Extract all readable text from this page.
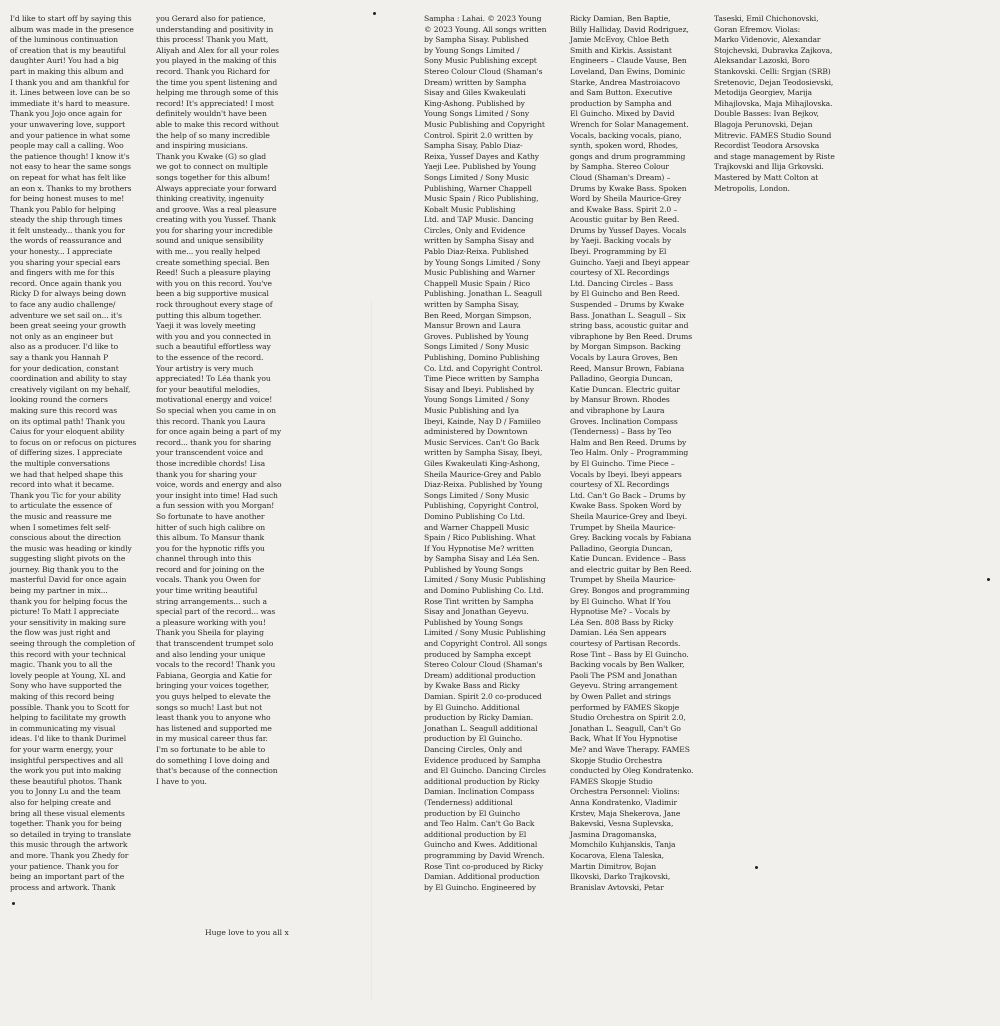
I'd like to start off by saying this
album was made in the presence
of the luminous continuation
of creation that is my beautiful
daughter Auri! You had a big
part in making this album and
I thank you and am thankful for
it. Lines between love can be so
immediate it's hard to measure.
Thank you Jojo once again for
your unwavering love, support
and your patience in what some
people may call a calling. Woo
the patience though! I know it's
not easy to hear the same songs
on repeat for what has felt like
an eon x. Thanks to my brothers
for being honest muses to me!
Thank you Pablo for helping
steady the ship through times
it felt unsteady... thank you for
the words of reassurance and
your honesty... I appreciate
you sharing your special ears
and fingers with me for this
record. Once again thank you
Ricky D for always being down
to face any audio challenge/
adventure we set sail on... it's
been great seeing your growth
not only as an engineer but
also as a producer. I'd like to
say a thank you Hannah P
for your dedication, constant
coordination and ability to stay
creatively vigilant on my behalf,
looking round the corners
making sure this record was
on its optimal path! Thank you
Caius for your eloquent ability
to focus on or refocus on pictures
of differing sizes. I appreciate
the multiple conversations
we had that helped shape this
record into what it became.
Thank you Tic for your ability
to articulate the essence of
the music and reassure me
when I sometimes felt self-
conscious about the direction
the music was heading or kindly
suggesting slight pivots on the
journey. Big thank you to the
masterful David for once again
being my partner in mix...
thank you for helping focus the
picture! To Matt I appreciate
your sensitivity in making sure
the flow was just right and
seeing through the completion of
this record with your technical
magic. Thank you to all the
lovely people at Young, XL and
Sony who have supported the
making of this record being
possible. Thank you to Scott for
helping to facilitate my growth
in communicating my visual
ideas. I'd like to thank Durimel
for your warm energy, your
insightful perspectives and all
the work you put into making
these beautiful photos. Thank
you to Jonny Lu and the team
also for helping create and
bring all these visual elements
together. Thank you for being
so detailed in trying to translate
this music through the artwork
and more. Thank you Zhedy for
your patience. Thank you for
being an important part of the
process and artwork. Thank
you Gerard also for patience,
understanding and positivity in
this process! Thank you Matt,
Aliyah and Alex for all your roles
you played in the making of this
record. Thank you Richard for
the time you spent listening and
helping me through some of this
record! It's appreciated! I most
definitely wouldn't have been
able to make this record without
the help of so many incredible
and inspiring musicians.
Thank you Kwake (G) so glad
we got to connect on multiple
songs together for this album!
Always appreciate your forward
thinking creativity, ingenuity
and groove. Was a real pleasure
creating with you Yussef. Thank
you for sharing your incredible
sound and unique sensibility
with me... you really helped
create something special. Ben
Reed! Such a pleasure playing
with you on this record. You've
been a big supportive musical
rock throughout every stage of
putting this album together.
Yaeji it was lovely meeting
with you and you connected in
such a beautiful effortless way
to the essence of the record.
Your artistry is very much
appreciated! To Léa thank you
for your beautiful melodies,
motivational energy and voice!
So special when you came in on
this record. Thank you Laura
for once again being a part of my
record... thank you for sharing
your transcendent voice and
those incredible chords! Lisa
thank you for sharing your
voice, words and energy and also
your insight into time! Had such
a fun session with you Morgan!
So fortunate to have another
hitter of such high calibre on
this album. To Mansur thank
you for the hypnotic riffs you
channel through into this
record and for joining on the
vocals. Thank you Owen for
your time writing beautiful
string arrangements... such a
special part of the record... was
a pleasure working with you!
Thank you Sheila for playing
that transcendent trumpet solo
and also lending your unique
vocals to the record! Thank you
Fabiana, Georgia and Katie for
bringing your voices together,
you guys helped to elevate the
songs so much! Last but not
least thank you to anyone who
has listened and supported me
in my musical career thus far.
I'm so fortunate to be able to
do something I love doing and
that's because of the connection
I have to you.
Huge love to you all x
Sampha : Lahai. © 2023 Young
© 2023 Young. All songs written
by Sampha Sisay. Published
by Young Songs Limited /
Sony Music Publishing except
Stereo Colour Cloud (Shaman's
Dream) written by Sampha
Sisay and Giles Kwakeulati
King-Ashong. Published by
Young Songs Limited / Sony
Music Publishing and Copyright
Control. Spirit 2.0 written by
Sampha Sisay, Pablo Diaz-
Reixa, Yussef Dayes and Kathy
Yaeji Lee. Published by Young
Songs Limited / Sony Music
Publishing, Warner Chappell
Music Spain / Rico Publishing,
Kobalt Music Publishing
Ltd. and TAP Music. Dancing
Circles, Only and Evidence
written by Sampha Sisay and
Pablo Diaz-Reixa. Published
by Young Songs Limited / Sony
Music Publishing and Warner
Chappell Music Spain / Rico
Publishing. Jonathan L. Seagull
written by Sampha Sisay,
Ben Reed, Morgan Simpson,
Mansur Brown and Laura
Groves. Published by Young
Songs Limited / Sony Music
Publishing, Domino Publishing
Co. Ltd. and Copyright Control.
Time Piece written by Sampha
Sisay and Ibeyi. Published by
Young Songs Limited / Sony
Music Publishing and Iya
Ibeyi, Kainde, Nay D / Famiileo
administered by Downtown
Music Services. Can't Go Back
written by Sampha Sisay, Ibeyi,
Giles Kwakeulati King-Ashong,
Sheila Maurice-Grey and Pablo
Diaz-Reixa. Published by Young
Songs Limited / Sony Music
Publishing, Copyright Control,
Domino Publishing Co Ltd.
and Warner Chappell Music
Spain / Rico Publishing. What
If You Hypnotise Me? written
by Sampha Sisay and Léa Sen.
Published by Young Songs
Limited / Sony Music Publishing
and Domino Publishing Co. Ltd.
Rose Tint written by Sampha
Sisay and Jonathan Geyevu.
Published by Young Songs
Limited / Sony Music Publishing
and Copyright Control. All songs
produced by Sampha except
Stereo Colour Cloud (Shaman's
Dream) additional production
by Kwake Bass and Ricky
Damian. Spirit 2.0 co-produced
by El Guincho. Additional
production by Ricky Damian.
Jonathan L. Seagull additional
production by El Guincho.
Dancing Circles, Only and
Evidence produced by Sampha
and El Guincho. Dancing Circles
additional production by Ricky
Damian. Inclination Compass
(Tenderness) additional
production by El Guincho
and Teo Halm. Can't Go Back
additional production by El
Guincho and Kwes. Additional
programming by David Wrench.
Rose Tint co-produced by Ricky
Damian. Additional production
by El Guincho. Engineered by
Ricky Damian, Ben Baptie,
Billy Halliday, David Rodriguez,
Jamie McEvoy, Chloe Beth
Smith and Kirkis. Assistant
Engineers – Claude Vause, Ben
Loveland, Dan Ewins, Dominic
Starke, Andrea Mastroiacovo
and Sam Button. Executive
production by Sampha and
El Guincho. Mixed by David
Wrench for Solar Management.
Vocals, backing vocals, piano,
synth, spoken word, Rhodes,
gongs and drum programming
by Sampha. Stereo Colour
Cloud (Shaman's Dream) –
Drums by Kwake Bass. Spoken
Word by Sheila Maurice-Grey
and Kwake Bass. Spirit 2.0 –
Acoustic guitar by Ben Reed.
Drums by Yussef Dayes. Vocals
by Yaeji. Backing vocals by
Ibeyi. Programming by El
Guincho. Yaeji and Ibeyi appear
courtesy of XL Recordings
Ltd. Dancing Circles – Bass
by El Guincho and Ben Reed.
Suspended – Drums by Kwake
Bass. Jonathan L. Seagull – Six
string bass, acoustic guitar and
vibraphone by Ben Reed. Drums
by Morgan Simpson. Backing
Vocals by Laura Groves, Ben
Reed, Mansur Brown, Fabiana
Palladino, Georgia Duncan,
Katie Duncan. Electric guitar
by Mansur Brown. Rhodes
and vibraphone by Laura
Groves. Inclination Compass
(Tenderness) – Bass by Teo
Halm and Ben Reed. Drums by
Teo Halm. Only – Programming
by El Guincho. Time Piece –
Vocals by Ibeyi. Ibeyi appears
courtesy of XL Recordings
Ltd. Can't Go Back – Drums by
Kwake Bass. Spoken Word by
Sheila Maurice-Grey and Ibeyi.
Trumpet by Sheila Maurice-
Grey. Backing vocals by Fabiana
Palladino, Georgia Duncan,
Katie Duncan. Evidence – Bass
and electric guitar by Ben Reed.
Trumpet by Sheila Maurice-
Grey. Bongos and programming
by El Guincho. What If You
Hypnotise Me? – Vocals by
Léa Sen. 808 Bass by Ricky
Damian. Léa Sen appears
courtesy of Partisan Records.
Rose Tint – Bass by El Guincho.
Backing vocals by Ben Walker,
Paoli The PSM and Jonathan
Geyevu. String arrangement
by Owen Pallet and strings
performed by FAMES Skopje
Studio Orchestra on Spirit 2.0,
Jonathan L. Seagull, Can't Go
Back, What If You Hypnotise
Me? and Wave Therapy. FAMES
Skopje Studio Orchestra
conducted by Oleg Kondratenko.
FAMES Skopje Studio
Orchestra Personnel: Violins:
Anna Kondratenko, Vladimir
Krstev, Maja Shekerova, Jane
Bakevski, Vesna Suplevska,
Jasmina Dragomanska,
Momchilo Kuhjanskis, Tanja
Kocarova, Elena Taleska,
Martin Dimitrov, Bojan
Ilkovski, Darko Trajkovski,
Branislav Avtovski, Petar
Taseski, Emil Chichonovski,
Goran Efremov. Violas:
Marko Videnovic, Alexandar
Stojchevski, Dubravka Zajkova,
Aleksandar Lazoski, Boro
Stankovski. Celli: Srgjan (SRB)
Sretenovic, Dejan Teodosievski,
Metodija Georgiev, Marija
Mihajlovska, Maja Mihajlovska.
Double Basses: Ivan Bejkov,
Blagoja Perunovski, Dejan
Mitrevic. FAMES Studio Sound
Recordist Teodora Arsovska
and stage management by Riste
Trajkovski and Ilija Grkovski.
Mastered by Matt Colton at
Metropolis, London.
